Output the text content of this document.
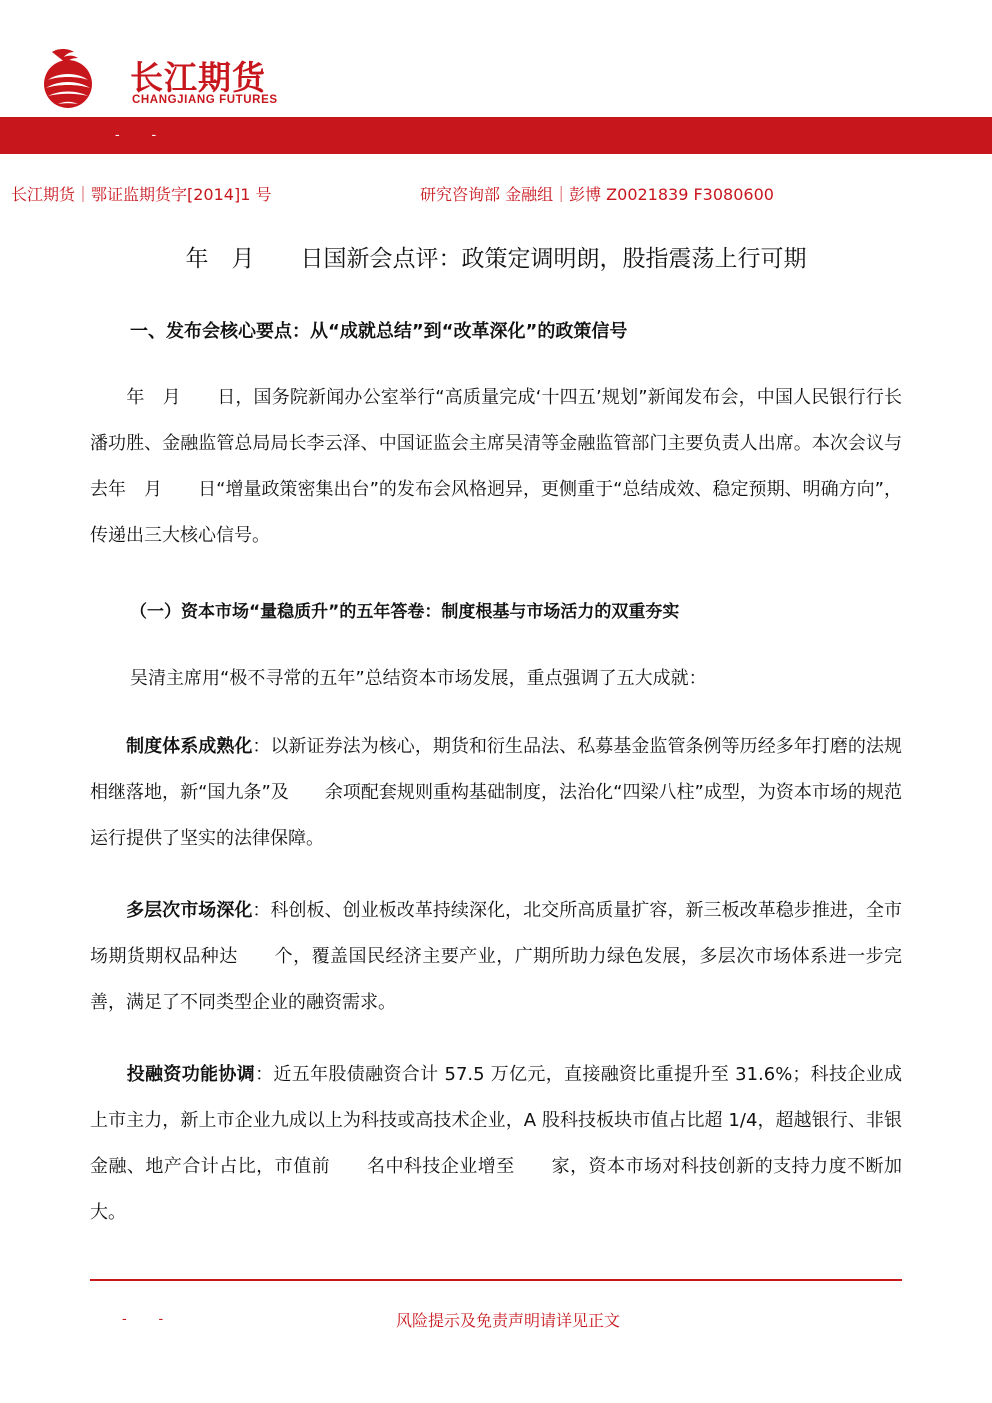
长江期货
CHANGJIANG FUTURES
- -
长江期货｜鄂证监期货字[2014]1 号	研究咨询部 金融组｜彭博 Z0021839 F3080600
年　月　　日国新会点评：政策定调明朗，股指震荡上行可期
一、发布会核心要点：从“成就总结”到“改革深化”的政策信号
　　年　月　　日，国务院新闻办公室举行“高质量完成‘十四五’规划”新闻发布会，中国人民银行行长潘功胜、金融监管总局局长李云泽、中国证监会主席吴清等金融监管部门主要负责人出席。本次会议与去年　月　　日“增量政策密集出台”的发布会风格迥异，更侧重于“总结成效、稳定预期、明确方向”，传递出三大核心信号。
（一）资本市场“量稳质升”的五年答卷：制度根基与市场活力的双重夯实
吴清主席用“极不寻常的五年”总结资本市场发展，重点强调了五大成就：
　　制度体系成熟化：以新证券法为核心，期货和衍生品法、私募基金监管条例等历经多年打磨的法规相继落地，新“国九条”及　　余项配套规则重构基础制度，法治化“四梁八柱”成型，为资本市场的规范运行提供了坚实的法律保障。
　　多层次市场深化：科创板、创业板改革持续深化，北交所高质量扩容，新三板改革稳步推进，全市场期货期权品种达　　个，覆盖国民经济主要产业，广期所助力绿色发展，多层次市场体系进一步完善，满足了不同类型企业的融资需求。
　　投融资功能协调：近五年股债融资合计 57.5 万亿元，直接融资比重提升至 31.6%；科技企业成上市主力，新上市企业九成以上为科技或高技术企业，A 股科技板块市值占比超 1/4，超越银行、非银金融、地产合计占比，市值前　　名中科技企业增至　　家，资本市场对科技创新的支持力度不断加大。
- -	风险提示及免责声明请详见正文
